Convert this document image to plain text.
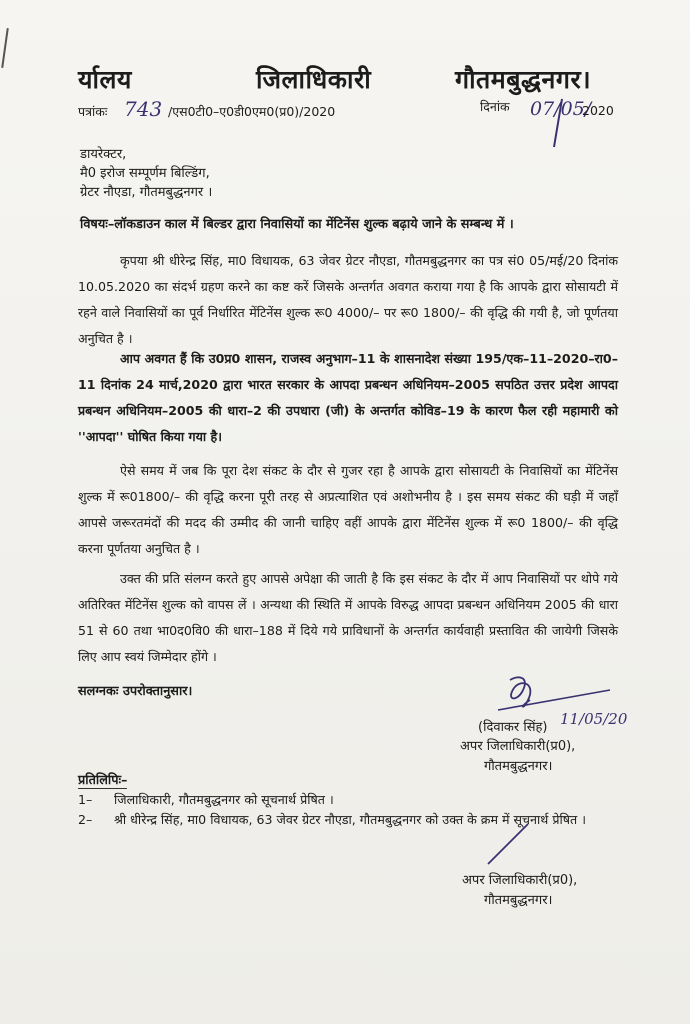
र्यालय	जिलाधिकारी	गौतमबुद्धनगर।
पत्रांकः 743 /एस0टी0–ए0डी0एम0(प्र0)/2020	दिनांक 07/05/
2020
डायरेक्टर,
मै0 इरोज सम्पूर्णम बिल्डिंग,
ग्रेटर नौएडा, गौतमबुद्धनगर ।
विषयः–लॉकडाउन काल में बिल्डर द्वारा निवासियों का मेंटिनेंस शुल्क बढ़ाये जाने के सम्बन्ध में ।

कृपया श्री धीरेन्द्र सिंह, मा0 विधायक, 63 जेवर ग्रेटर नौएडा, गौतमबुद्धनगर का पत्र सं0 05/मई/20 दिनांक 10.05.2020 का संदर्भ ग्रहण करने का कष्ट करें जिसके अन्तर्गत अवगत कराया गया है कि आपके द्वारा सोसायटी में रहने वाले निवासियों का पूर्व निर्धारित मेंटिनेंस शुल्क रू0 4000/– पर रू0 1800/– की वृद्धि की गयी है, जो पूर्णतया अनुचित है ।

आप अवगत हैं कि उ0प्र0 शासन, राजस्व अनुभाग–11 के शासनादेश संख्या 195/एक–11–2020–रा0–11 दिनांक 24 मार्च,2020 द्वारा भारत सरकार के आपदा प्रबन्धन अधिनियम–2005 सपठित उत्तर प्रदेश आपदा प्रबन्धन अधिनियम–2005 की धारा–2 की उपधारा (जी) के अन्तर्गत कोविड–19 के कारण फैल रही महामारी को ''आपदा'' घोषित किया गया है।

ऐसे समय में जब कि पूरा देश संकट के दौर से गुजर रहा है आपके द्वारा सोसायटी के निवासियों का मेंटिनेंस शुल्क में रू01800/– की वृद्धि करना पूरी तरह से अप्रत्याशित एवं अशोभनीय है । इस समय संकट की घड़ी में जहाँ आपसे जरूरतमंदों की मदद की उम्मीद की जानी चाहिए वहीं आपके द्वारा मेंटिनेंस शुल्क में रू0 1800/– की वृद्धि करना पूर्णतया अनुचित है ।

उक्त की प्रति संलग्न करते हुए आपसे अपेक्षा की जाती है कि इस संकट के दौर में आप निवासियों पर थोपे गये अतिरिक्त मेंटिनेंस शुल्क को वापस लें । अन्यथा की स्थिति में आपके विरुद्ध आपदा प्रबन्धन अधिनियम 2005 की धारा 51 से 60 तथा भा0द0वि0 की धारा–188 में दिये गये प्राविधानों के अन्तर्गत कार्यवाही प्रस्तावित की जायेगी जिसके लिए आप स्वयं जिम्मेदार होंगे ।

सलग्नकः उपरोक्तानुसार।
(दिवाकर सिंह) 11/05/20
अपर जिलाधिकारी(प्र0),
गौतमबुद्धनगर।
प्रतिलिपिः–
1– जिलाधिकारी, गौतमबुद्धनगर को सूचनार्थ प्रेषित ।
2– श्री धीरेन्द्र सिंह, मा0 विधायक, 63 जेवर ग्रेटर नौएडा, गौतमबुद्धनगर को उक्त के क्रम में सूचनार्थ प्रेषित ।
अपर जिलाधिकारी(प्र0),
गौतमबुद्धनगर।
